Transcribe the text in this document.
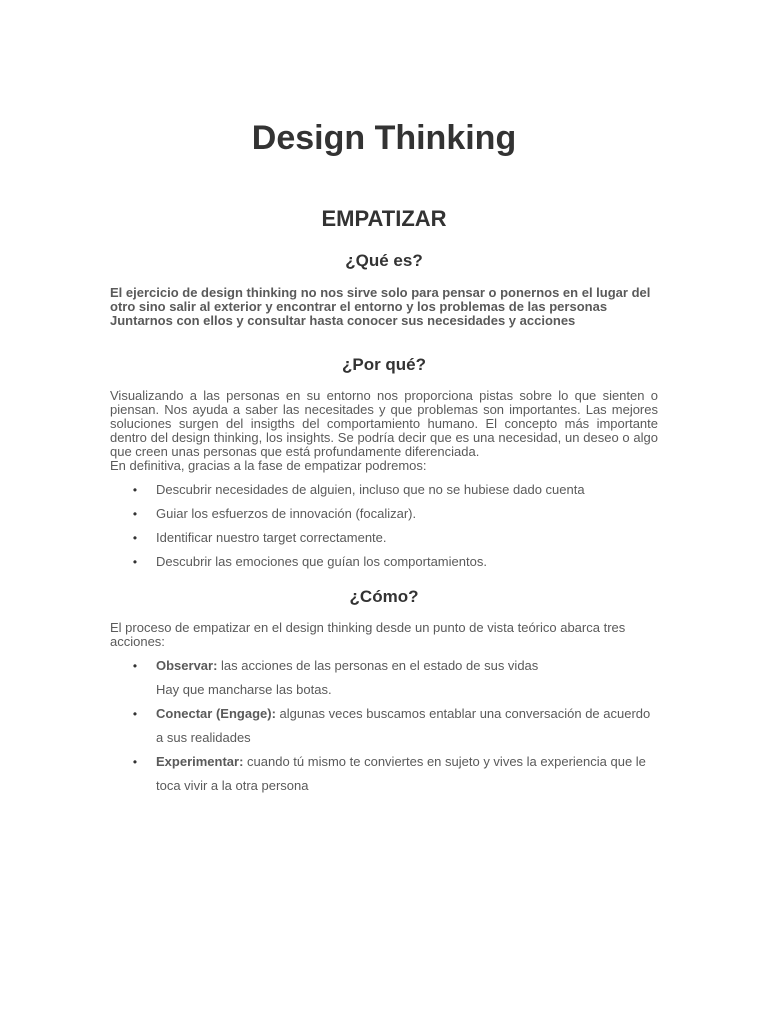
Design Thinking
EMPATIZAR
¿Qué es?
El ejercicio de design thinking no nos sirve solo para pensar o ponernos en el lugar del
otro sino salir al exterior y encontrar el entorno y los problemas de las personas
Juntarnos con ellos y consultar hasta conocer sus necesidades y acciones
¿Por qué?
Visualizando a las personas en su entorno nos proporciona pistas sobre lo que sienten o piensan. Nos ayuda a saber las necesitades y que problemas son importantes. Las mejores soluciones surgen del insigths del comportamiento humano. El concepto más importante dentro del design thinking, los insights. Se podría decir que es una necesidad, un deseo o algo que creen unas personas que está profundamente diferenciada.
En definitiva, gracias a la fase de empatizar podremos:
• Descubrir necesidades de alguien, incluso que no se hubiese dado cuenta
• Guiar los esfuerzos de innovación (focalizar).
• Identificar nuestro target correctamente.
• Descubrir las emociones que guían los comportamientos.
¿Cómo?
El proceso de empatizar en el design thinking desde un punto de vista teórico abarca tres acciones:
• Observar: las acciones de las personas en el estado de sus vidas
Hay que mancharse las botas.
• Conectar (Engage): algunas veces buscamos entablar una conversación de acuerdo a sus realidades
• Experimentar: cuando tú mismo te conviertes en sujeto y vives la experiencia que le toca vivir a la otra persona
